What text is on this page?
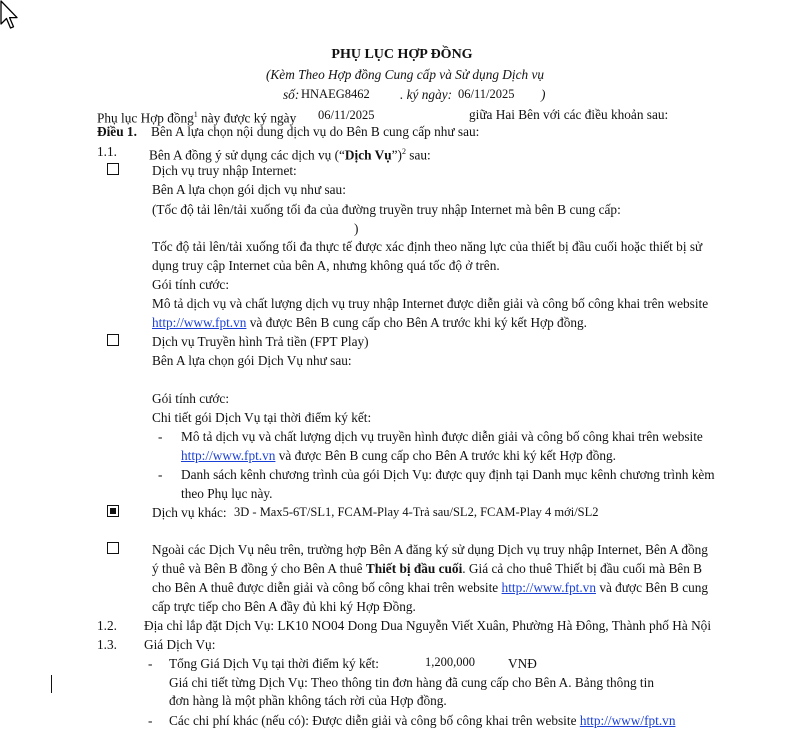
PHỤ LỤC HỢP ĐỒNG
(Kèm Theo Hợp đồng Cung cấp và Sử dụng Dịch vụ
số: HNAEG8462 . ký ngày: 06/11/2025 )
Phụ lục Hợp đồng$^1$ này được ký ngày 06/11/2025	giữa Hai Bên với các điều khoản sau:
Điều 1. Bên A lựa chọn nội dung dịch vụ do Bên B cung cấp như sau:
1.1. Bên A đồng ý sử dụng các dịch vụ (“Dịch Vụ”)$^2$ sau:
Dịch vụ truy nhập Internet:
Bên A lựa chọn gói dịch vụ như sau:
(Tốc độ tải lên/tải xuống tối đa của đường truyền truy nhập Internet mà bên B cung cấp:
)
Tốc độ tải lên/tải xuống tối đa thực tế được xác định theo năng lực của thiết bị đầu cuối hoặc thiết bị sử
dụng truy cập Internet của bên A, nhưng không quá tốc độ ở trên.
Gói tính cước:
Mô tả dịch vụ và chất lượng dịch vụ truy nhập Internet được diễn giải và công bố công khai trên website
http://www.fpt.vn và được Bên B cung cấp cho Bên A trước khi ký kết Hợp đồng.
Dịch vụ Truyền hình Trả tiền (FPT Play)
Bên A lựa chọn gói Dịch Vụ như sau:
Gói tính cước:
Chi tiết gói Dịch Vụ tại thời điểm ký kết:
- Mô tả dịch vụ và chất lượng dịch vụ truyền hình được diễn giải và công bố công khai trên website
http://www.fpt.vn và được Bên B cung cấp cho Bên A trước khi ký kết Hợp đồng.
- Danh sách kênh chương trình của gói Dịch Vụ: được quy định tại Danh mục kênh chương trình kèm
theo Phụ lục này.
Dịch vụ khác: 3D - Max5-6T/SL1, FCAM-Play 4-Trả sau/SL2, FCAM-Play 4 mới/SL2
Ngoài các Dịch Vụ nêu trên, trường hợp Bên A đăng ký sử dụng Dịch vụ truy nhập Internet, Bên A đồng
ý thuê và Bên B đồng ý cho Bên A thuê Thiết bị đầu cuối. Giá cả cho thuê Thiết bị đầu cuối mà Bên B
cho Bên A thuê được diễn giải và công bố công khai trên website http://www.fpt.vn và được Bên B cung
cấp trực tiếp cho Bên A đầy đủ khi ký Hợp Đồng.
1.2. Địa chỉ lắp đặt Dịch Vụ: LK10 NO04 Dong Dua Nguyễn Viết Xuân, Phường Hà Đông, Thành phố Hà Nội
1.3. Giá Dịch Vụ:
- Tổng Giá Dịch Vụ tại thời điểm ký kết:	1,200,000 VNĐ
Giá chi tiết từng Dịch Vụ: Theo thông tin đơn hàng đã cung cấp cho Bên A. Bảng thông tin
đơn hàng là một phần không tách rời của Hợp đồng.
- Các chi phí khác (nếu có): Được diễn giải và công bố công khai trên website http://www/fpt.vn
